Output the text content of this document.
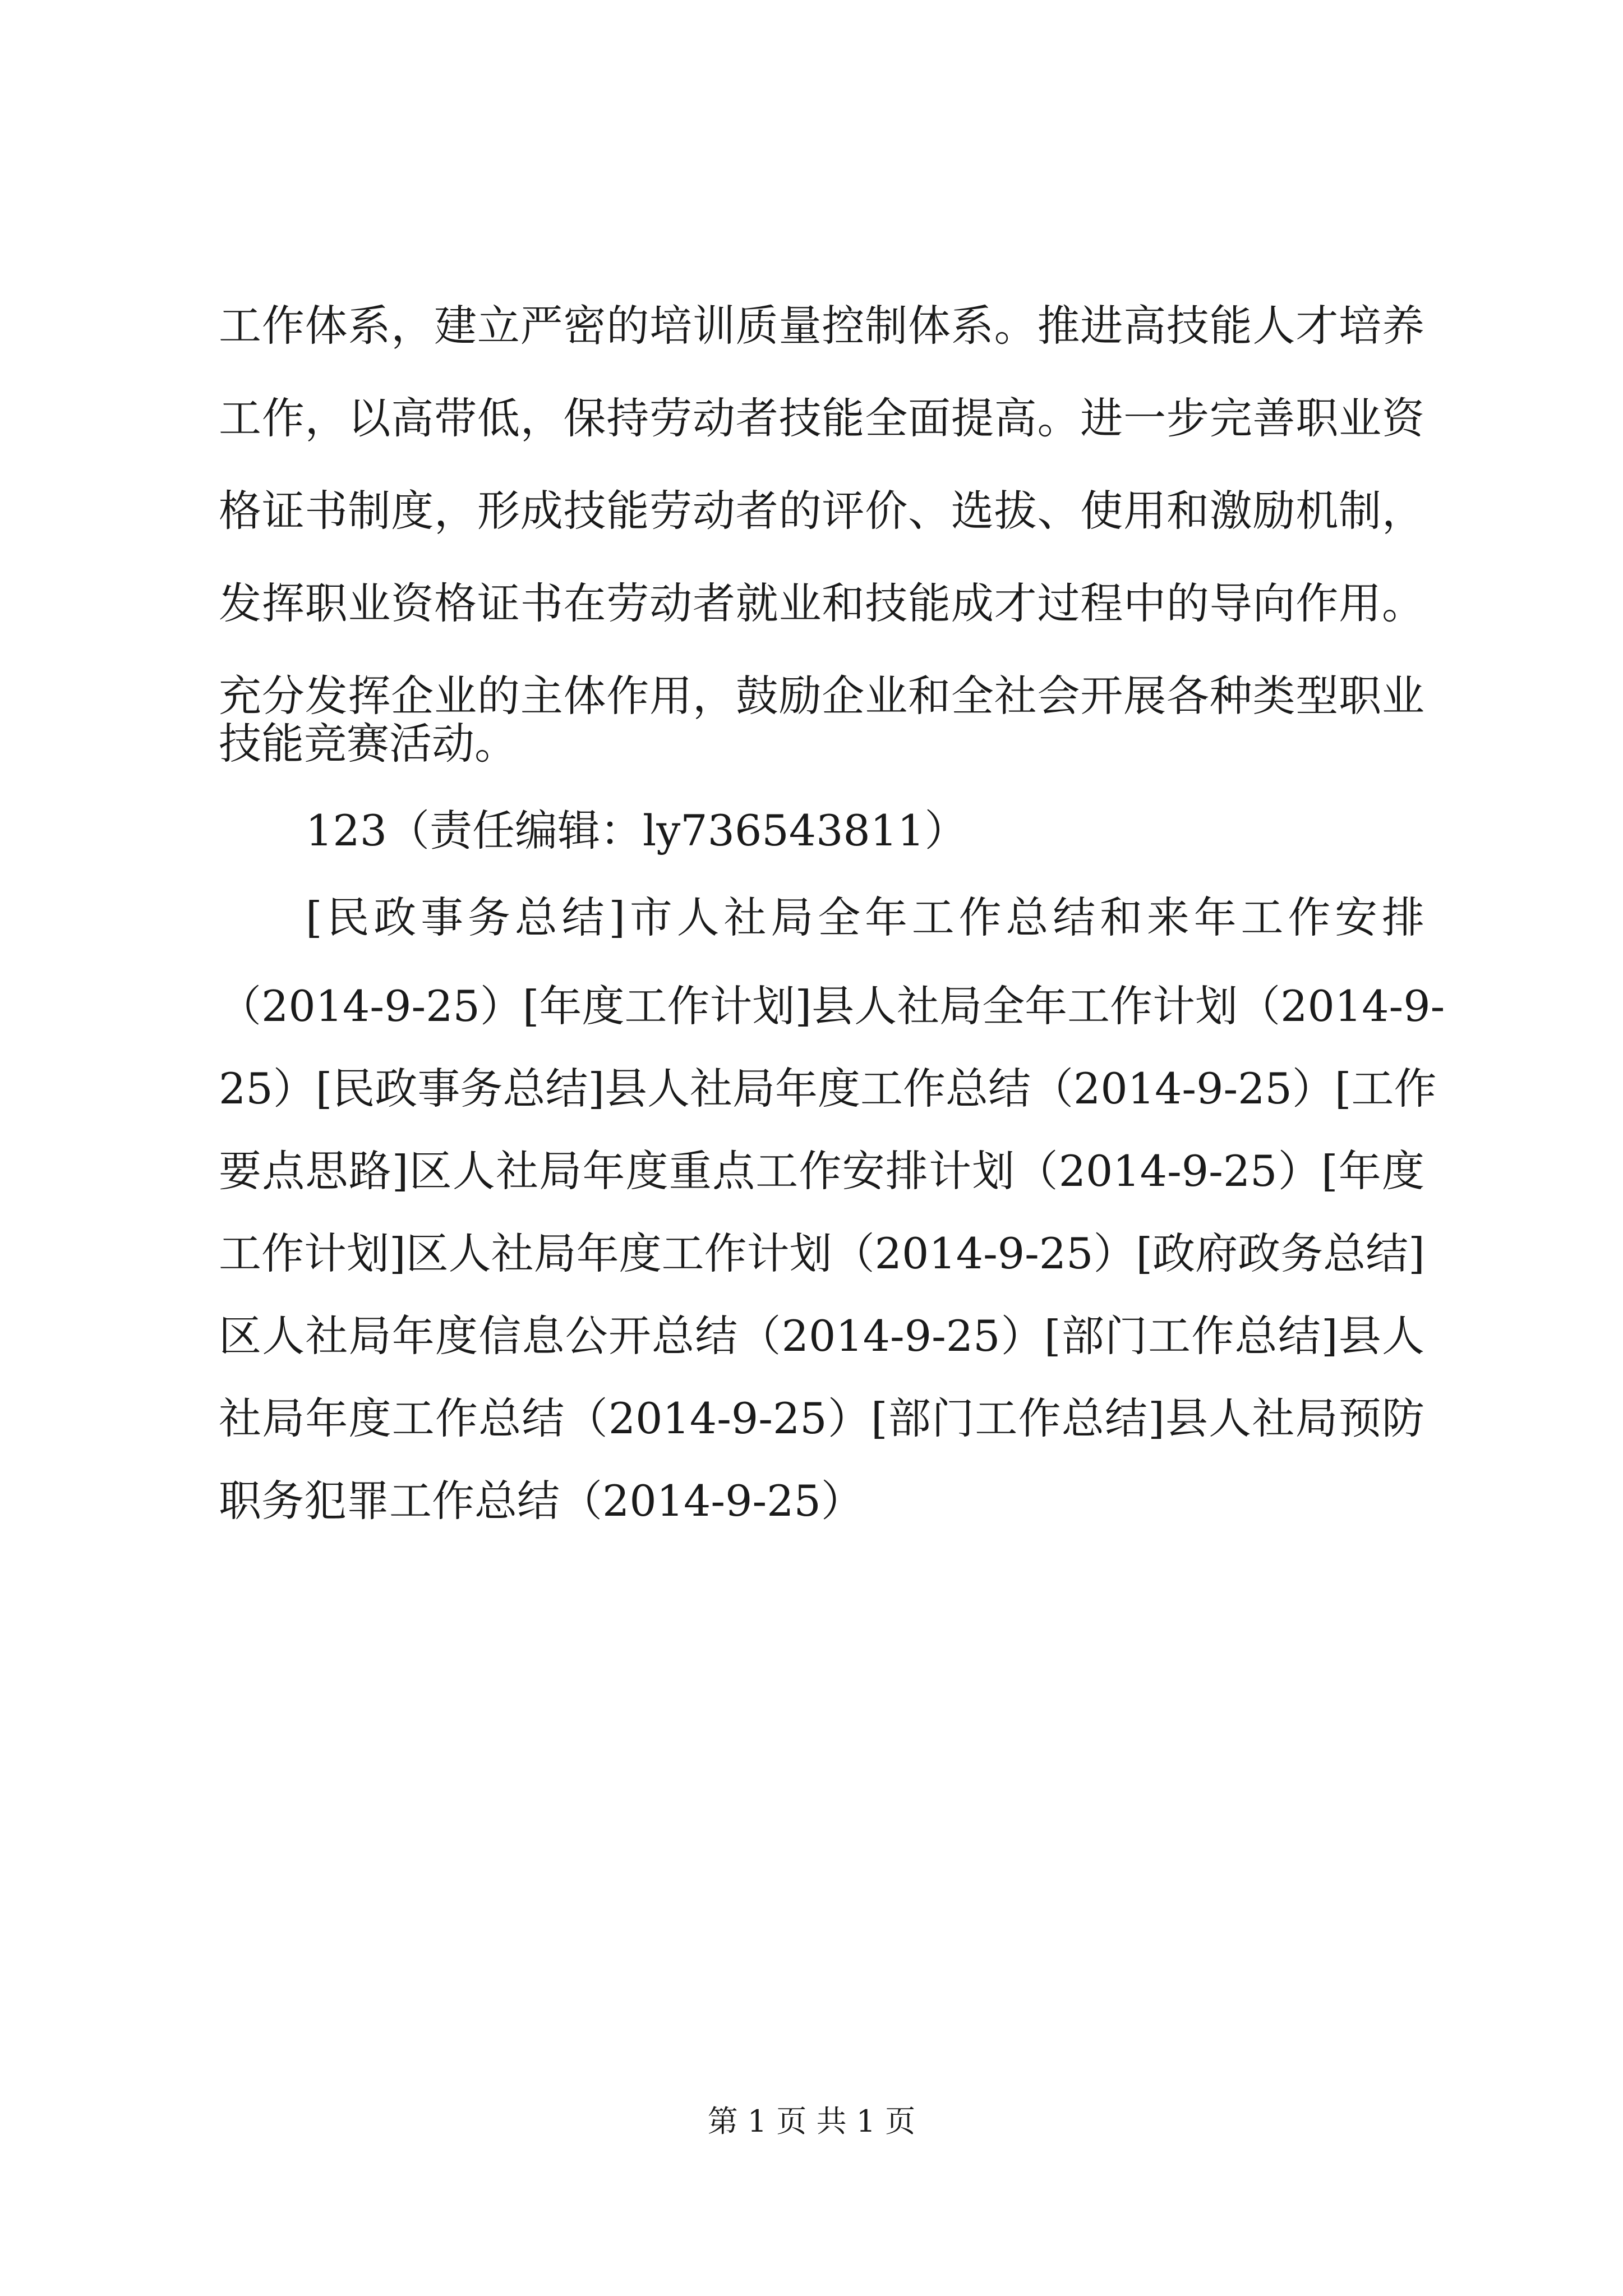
工作体系，建立严密的培训质量控制体系。推进高技能人才培养
工作，以高带低，保持劳动者技能全面提高。进一步完善职业资
格证书制度，形成技能劳动者的评价、选拔、使用和激励机制，
发挥职业资格证书在劳动者就业和技能成才过程中的导向作用。
充分发挥企业的主体作用，鼓励企业和全社会开展各种类型职业
技能竞赛活动。
123（责任编辑：ly736543811）
[民政事务总结]市人社局全年工作总结和来年工作安排
（2014-9-25）[年度工作计划]县人社局全年工作计划（2014-9-
25）[民政事务总结]县人社局年度工作总结（2014-9-25）[工作
要点思路]区人社局年度重点工作安排计划（2014-9-25）[年度
工作计划]区人社局年度工作计划（2014-9-25）[政府政务总结]
区人社局年度信息公开总结（2014-9-25）[部门工作总结]县人
社局年度工作总结（2014-9-25）[部门工作总结]县人社局预防
职务犯罪工作总结（2014-9-25）
第 1 页 共 1 页
